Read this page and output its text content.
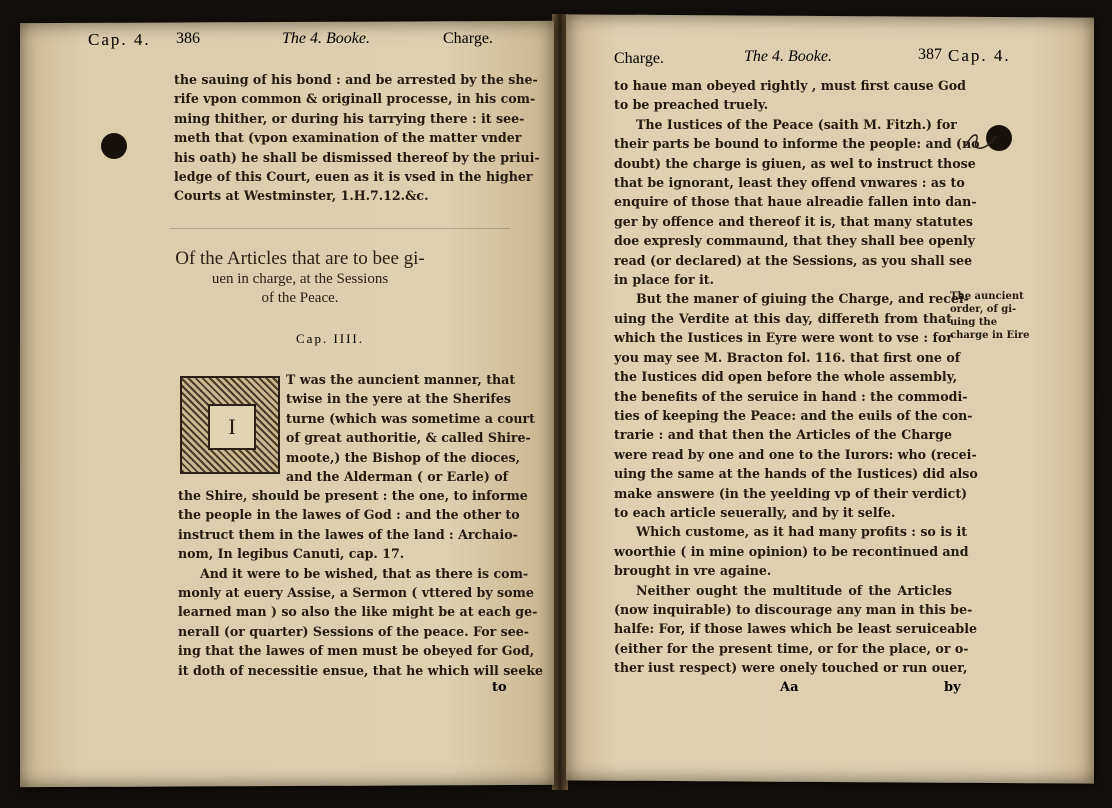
Cap. 4. 386	The 4. Booke.	Charge.
the sauing of his bond : and be arrested by the she-
rife vpon common & originall processe, in his com-
ming thither, or during his tarrying there : it see-
meth that (vpon examination of the matter vnder
his oath) he shall be dismissed thereof by the priui-
ledge of this Court, euen as it is vsed in the higher
Courts at Westminster, 1.H.7.12.&c.
Of the Articles that are to bee gi-
uen in charge, at the Sessions
of the Peace.
Cap. IIII.
I
T was the auncient manner, that
twise in the yere at the Sherifes
turne (which was sometime a court
of great authoritie, & called Shire-
moote,) the Bishop of the dioces,
and the Alderman ( or Earle) of
the Shire, should be present : the one, to informe
the people in the lawes of God : and the other to
instruct them in the lawes of the land : Archaio-
nom, In legibus Canuti, cap. 17.
And it were to be wished, that as there is com-
monly at euery Assise, a Sermon ( vttered by some
learned man ) so also the like might be at each ge-
nerall (or quarter) Sessions of the peace. For see-
ing that the lawes of men must be obeyed for God,
it doth of necessitie ensue, that he which will seeke
to
Charge.	The 4. Booke.	387 Cap. 4.
to haue man obeyed rightly , must first cause God
to be preached truely.
The Iustices of the Peace (saith M. Fitzh.) for
their parts be bound to informe the people: and (no
doubt) the charge is giuen, as wel to instruct those
that be ignorant, least they offend vnwares : as to
enquire of those that haue alreadie fallen into dan-
ger by offence and thereof it is, that many statutes
doe expresly commaund, that they shall bee openly
read (or declared) at the Sessions, as you shall see
in place for it.
But the maner of giuing the Charge, and recei-
uing the Verdite at this day, differeth from that
which the Iustices in Eyre were wont to vse : for
you may see M. Bracton fol. 116. that first one of
the Iustices did open before the whole assembly,
the benefits of the seruice in hand : the commodi-
ties of keeping the Peace: and the euils of the con-
trarie : and that then the Articles of the Charge
were read by one and one to the Iurors: who (recei-
uing the same at the hands of the Iustices) did also
make answere (in the yeelding vp of their verdict)
to each article seuerally, and by it selfe.
Which custome, as it had many profits : so is it
woorthie ( in mine opinion) to be recontinued and
brought in vre againe.
Neither ought the multitude of the Articles
(now inquirable) to discourage any man in this be-
halfe: For, if those lawes which be least seruiceable
(either for the present time, or for the place, or o-
ther iust respect) were onely touched or run ouer,
The auncient
order, of gi-
uing the
charge in Eire
Aa	by
